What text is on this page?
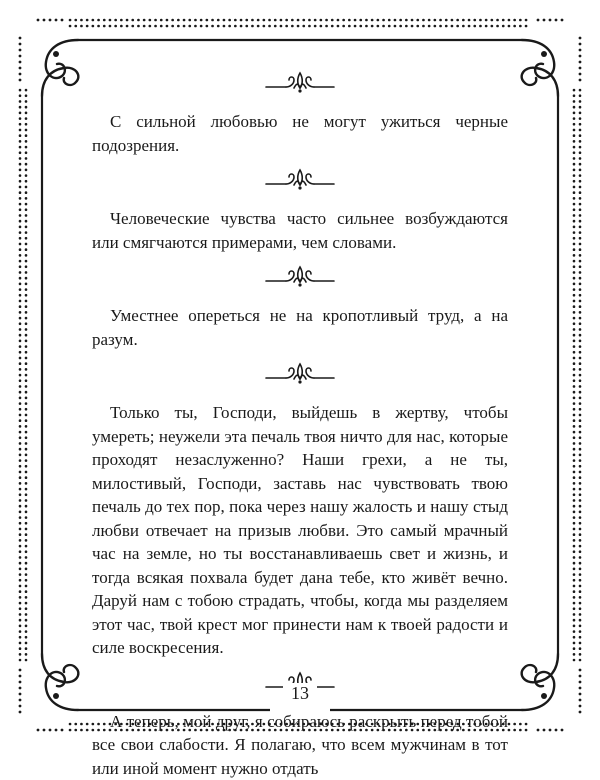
С сильной любовью не могут ужиться черные подозрения.

Человеческие чувства часто сильнее возбуждаются или смягчаются примерами, чем словами.

Уместнее опереться не на кропотливый труд, а на разум.

Только ты, Господи, выйдешь в жертву, чтобы умереть; неужели эта печаль твоя ничто для нас, которые проходят незаслуженно? Наши грехи, а не ты, милостивый, Господи, заставь нас чувствовать твою печаль до тех пор, пока через нашу жалость и нашу стыд любви отвечает на призыв любви. Это самый мрачный час на земле, но ты восстанавливаешь свет и жизнь, и тогда всякая похвала будет дана тебе, кто живёт вечно. Даруй нам с тобою страдать, чтобы, когда мы разделяем этот час, твой крест мог принести нам к твоей радости и силе воскресения.

А теперь, мой друг, я собираюсь раскрыть перед тобой все свои слабости. Я полагаю, что всем мужчинам в тот или иной момент нужно отдать

13
